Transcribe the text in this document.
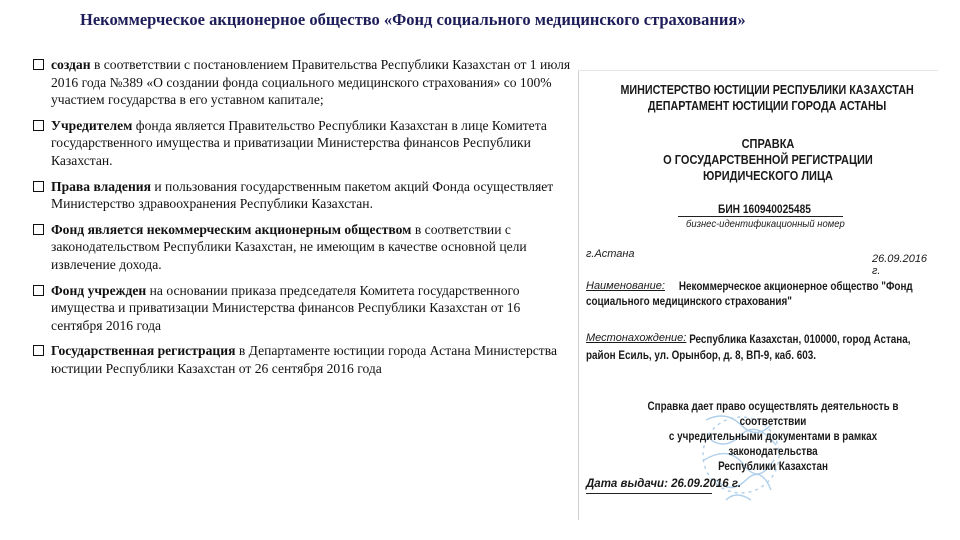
Некоммерческое акционерное общество «Фонд социального медицинского страхования»
создан в соответствии с постановлением Правительства Республики Казахстан от 1 июля 2016 года №389 «О создании фонда социального медицинского страхования» со 100% участием государства в его уставном капитале;
Учредителем фонда является Правительство Республики Казахстан в лице Комитета государственного имущества и приватизации Министерства финансов Республики Казахстан.
Права владения и пользования государственным пакетом акций Фонда осуществляет Министерство здравоохранения Республики Казахстан.
Фонд является некоммерческим акционерным обществом в соответствии с законодательством Республики Казахстан, не имеющим в качестве основной цели извлечение дохода.
Фонд учрежден на основании приказа председателя Комитета государственного имущества и приватизации Министерства финансов Республики Казахстан от 16 сентября 2016 года
Государственная регистрация в Департаменте юстиции города Астана Министерства юстиции Республики Казахстан от 26 сентября 2016 года
МИНИСТЕРСТВО ЮСТИЦИИ РЕСПУБЛИКИ КАЗАХСТАН
ДЕПАРТАМЕНТ ЮСТИЦИИ ГОРОДА АСТАНЫ
СПРАВКА
О ГОСУДАРСТВЕННОЙ РЕГИСТРАЦИИ
ЮРИДИЧЕСКОГО ЛИЦА
БИН 160940025485
бизнес-идентификационный номер
г.Астана	26.09.2016 г.
Наименование:	Некоммерческое акционерное общество "Фонд
социального медицинского страхования"
Местонахождение: Республика Казахстан, 010000, город Астана,
район Есиль, ул. Орынбор, д. 8, ВП-9, каб. 603.
Справка дает право осуществлять деятельность в соответствии
с учредительными документами в рамках законодательства
Республики Казахстан
Дата выдачи: 26.09.2016 г.
